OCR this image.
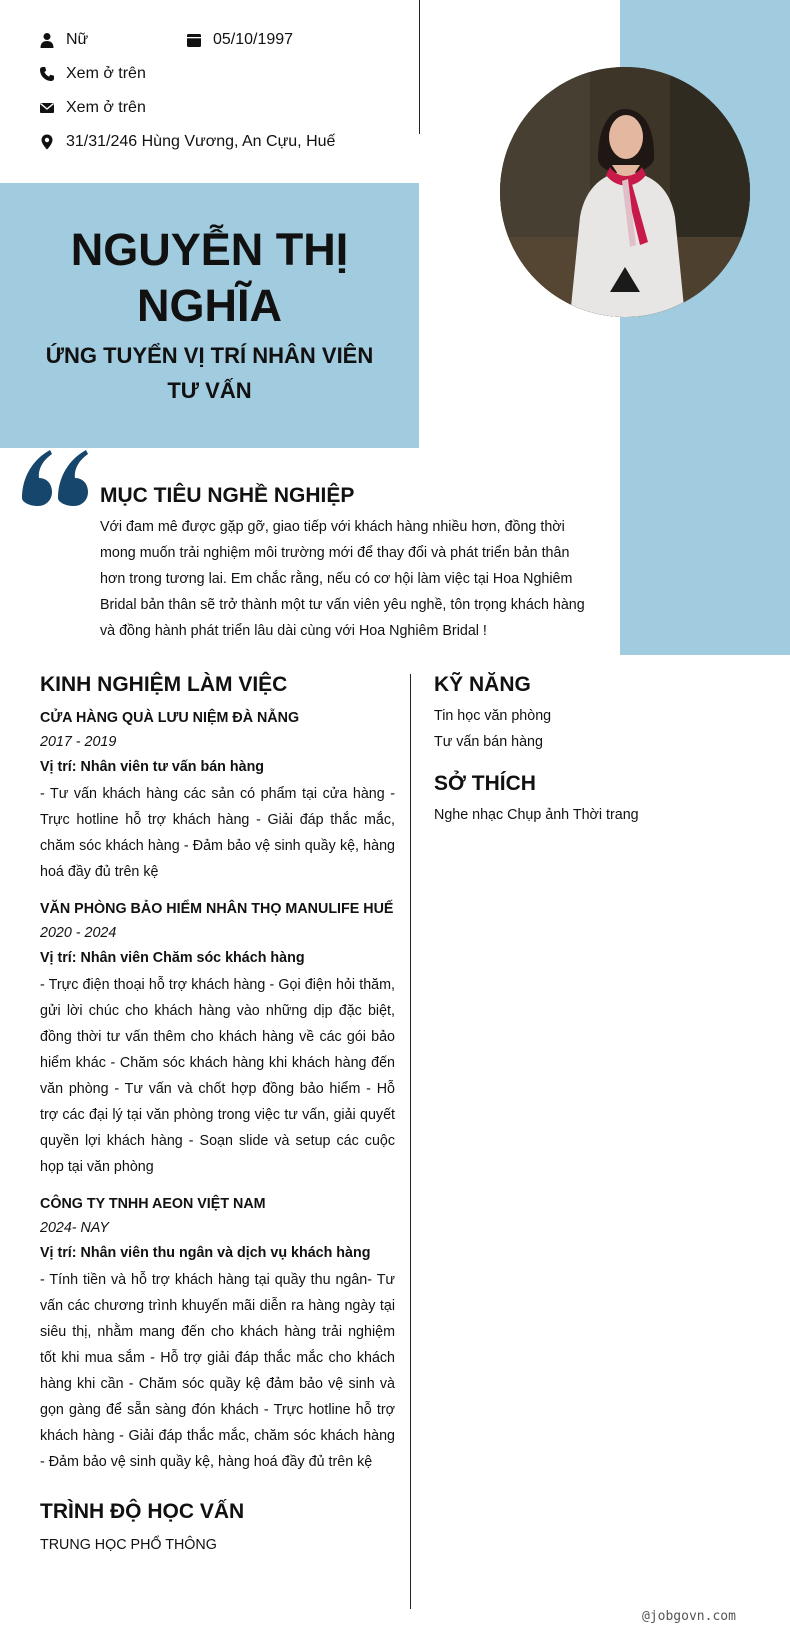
Nữ	05/10/1997
Xem ở trên
Xem ở trên
31/31/246 Hùng Vương, An Cựu, Huế
NGUYỄN THỊ
NGHĨA
ỨNG TUYỂN VỊ TRÍ NHÂN VIÊN
TƯ VẤN
MỤC TIÊU NGHỀ NGHIỆP
Với đam mê được gặp gỡ, giao tiếp với khách hàng nhiều hơn, đồng thời mong muốn trải nghiệm môi trường mới để thay đổi và phát triển bản thân hơn trong tương lai. Em chắc rằng, nếu có cơ hội làm việc tại Hoa Nghiêm Bridal bản thân sẽ trở thành một tư vấn viên yêu nghề, tôn trọng khách hàng và đồng hành phát triển lâu dài cùng với Hoa Nghiêm Bridal !
KINH NGHIỆM LÀM VIỆC
CỬA HÀNG QUÀ LƯU NIỆM ĐÀ NẴNG
2017 - 2019
Vị trí: Nhân viên tư vấn bán hàng
- Tư vấn khách hàng các sản có phẩm tại cửa hàng - Trực hotline hỗ trợ khách hàng - Giải đáp thắc mắc, chăm sóc khách hàng - Đảm bảo vệ sinh quầy kệ, hàng hoá đầy đủ trên kệ
VĂN PHÒNG BẢO HIỂM NHÂN THỌ MANULIFE HUẾ
2020 - 2024
Vị trí: Nhân viên Chăm sóc khách hàng
- Trực điện thoại hỗ trợ khách hàng - Gọi điện hỏi thăm, gửi lời chúc cho khách hàng vào những dịp đặc biệt, đồng thời tư vấn thêm cho khách hàng về các gói bảo hiểm khác - Chăm sóc khách hàng khi khách hàng đến văn phòng - Tư vấn và chốt hợp đồng bảo hiểm - Hỗ trợ các đại lý tại văn phòng trong việc tư vấn, giải quyết quyền lợi khách hàng - Soạn slide và setup các cuộc họp tại văn phòng
CÔNG TY TNHH AEON VIỆT NAM
2024- NAY
Vị trí: Nhân viên thu ngân và dịch vụ khách hàng
- Tính tiền và hỗ trợ khách hàng tại quầy thu ngân- Tư vấn các chương trình khuyến mãi diễn ra hàng ngày tại siêu thị, nhằm mang đến cho khách hàng trải nghiệm tốt khi mua sắm - Hỗ trợ giải đáp thắc mắc cho khách hàng khi cần - Chăm sóc quầy kệ đảm bảo vệ sinh và gọn gàng để sẵn sàng đón khách - Trực hotline hỗ trợ khách hàng - Giải đáp thắc mắc, chăm sóc khách hàng - Đảm bảo vệ sinh quầy kệ, hàng hoá đầy đủ trên kệ
TRÌNH ĐỘ HỌC VẤN
TRUNG HỌC PHỔ THÔNG
KỸ NĂNG
Tin học văn phòng
Tư vấn bán hàng
SỞ THÍCH
Nghe nhạc Chụp ảnh Thời trang
@jobgovn.com
